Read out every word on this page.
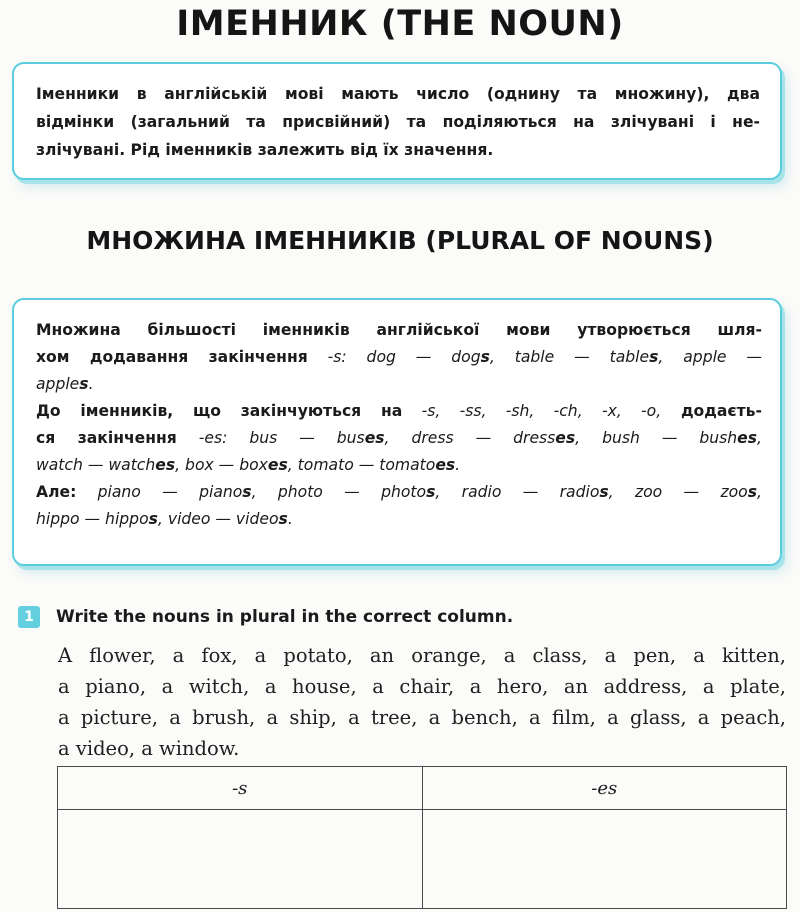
ІМЕННИК (THE NOUN)

Іменники в англійській мові мають число (однину та множину), два
відмінки (загальний та присвійний) та поділяються на злічувані і не-
злічувані. Рід іменників залежить від їх значення.

МНОЖИНА ІМЕННИКІВ (PLURAL OF NOUNS)

Множина більшості іменників англійської мови утворюється шля-
хом додавання закінчення -s: dog — dogs, table — tables, apple —
apples.
До іменників, що закінчуються на -s, -ss, -sh, -ch, -x, -o, додаєть-
ся закінчення -es: bus — buses, dress — dresses, bush — bushes,
watch — watches, box — boxes, tomato — tomatoes.
Але: piano — pianos, photo — photos, radio — radios, zoo — zoos,
hippo — hippos, video — videos.

1	Write the nouns in plural in the correct column.
A flower, a fox, a potato, an orange, a class, a pen, a kitten,
a piano, a witch, a house, a chair, a hero, an address, a plate,
a picture, a brush, a ship, a tree, a bench, a film, a glass, a peach,
a video, a window.
-s	-es
